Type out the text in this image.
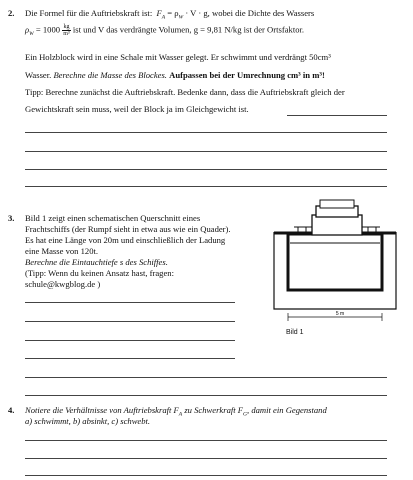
2. Die Formel für die Auftriebskraft ist: $F_A = \rho_W \cdot V \cdot g$, wobei die Dichte des Wassers
$\rho_W = 1000 \frac{kg}{\text{m³}}$ ist und V das verdrängte Volumen, g = 9,81 N/kg ist der Ortsfaktor.
Ein Holzblock wird in eine Schale mit Wasser gelegt. Er schwimmt und verdrängt 50cm³
Wasser. Berechne die Masse des Blockes. Aufpassen bei der Umrechnung cm³ in m³!
Tipp: Berechne zunächst die Auftriebskraft. Bedenke dann, dass die Auftriebskraft gleich der
Gewichtskraft sein muss, weil der Block ja im Gleichgewicht ist.
3. Bild 1 zeigt einen schematischen Querschnitt eines
Frachtschiffs (der Rumpf sieht in etwa aus wie ein Quader).
Es hat eine Länge von 20m und einschließlich der Ladung
eine Masse von 120t.
Berechne die Eintauchtiefe s des Schiffes.
(Tipp: Wenn du keinen Ansatz hast, fragen:
schule@kwgblog.de )
5 m
Bild 1
4. Notiere die Verhältnisse von Auftriebskraft $F_A$ zu Schwerkraft $F_G$, damit ein Gegenstand
a) schwimmt, b) absinkt, c) schwebt.
